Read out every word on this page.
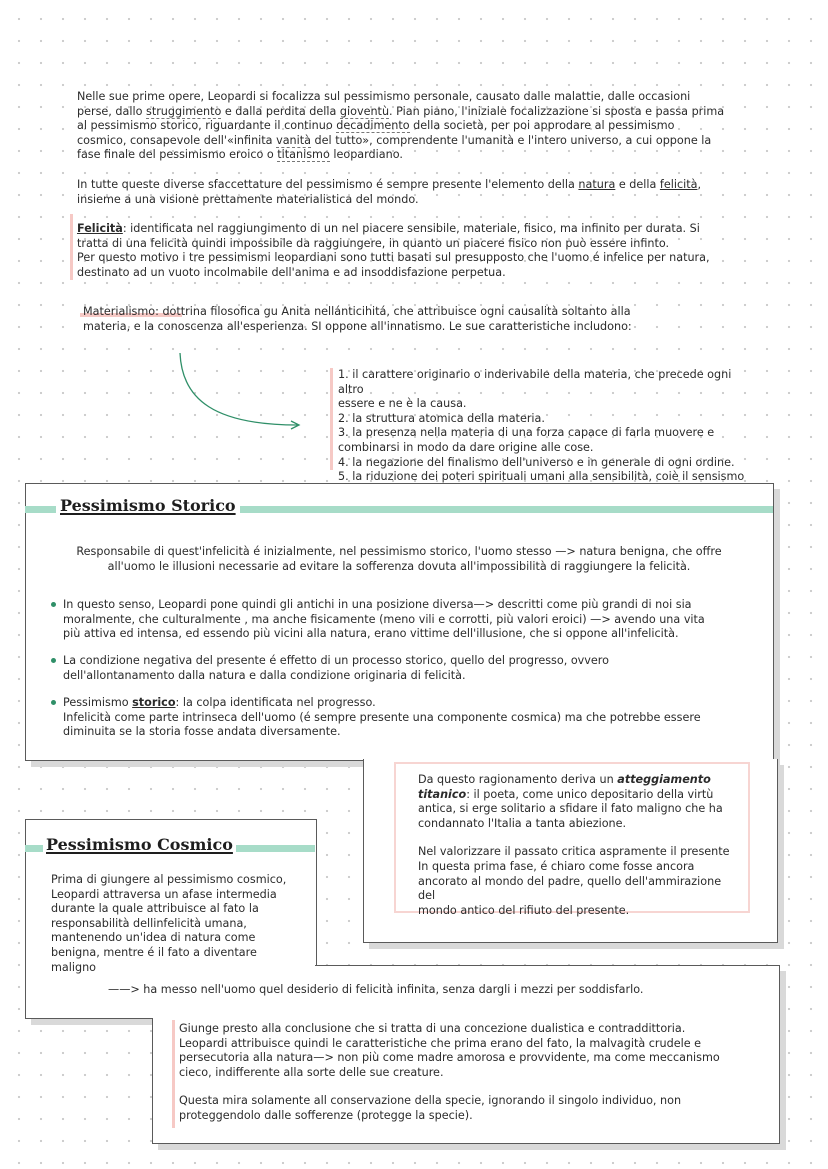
Nelle sue prime opere, Leopardi si focalizza sul pessimismo personale, causato dalle malattie, dalle occasioni
perse, dallo struggimento e dalla perdita della gioventù. Pian piano, l'iniziale focalizzazione si sposta e passa prima
al pessimismo storico, riguardante il continuo decadimento della società, per poi approdare al pessimismo
cosmico, consapevole dell'«infinita vanità del tutto», comprendente l'umanità e l'intero universo, a cui oppone la
fase finale del pessimismo eroico o titanismo leopardiano.
In tutte queste diverse sfaccettature del pessimismo é sempre presente l'elemento della natura e della felicità,
insieme a una visione prettamente materialistica del mondo.
Felicità: identificata nel raggiungimento di un nel piacere sensibile, materiale, fisico, ma infinito per durata. Si
tratta di una felicità quindi impossibile da raggiungere, in quanto un piacere fisico non può essere infinto.
Per questo motivo i tre pessimismi leopardiani sono tutti basati sul presupposto che l'uomo é infelice per natura,
destinato ad un vuoto incolmabile dell'anima e ad insoddisfazione perpetua.
Materialismo: dottrina filosofica gu Anita nellánticihitá, che attribuisce ogni causalità soltanto alla
materia, e la conoscenza all'esperienza. SI oppone all'innatismo. Le sue caratteristiche includono:

1. il carattere originario o inderivabile della materia, che precede ogni altro

essere e ne è la causa.

2. la struttura atomica della materia.

3. la presenza nella materia di una forza capace di farla muovere e

combinarsi in modo da dare origine alle cose.

4. la negazione del finalismo dell'universo e in generale di ogni ordine.

5. la riduzione dei poteri spirituali umani alla sensibilità, coiè il sensismo

Pessimismo Storico
Responsabile di quest'infelicità é inizialmente, nel pessimismo storico, l'uomo stesso —> natura benigna, che offre
all'uomo le illusioni necessarie ad evitare la sofferenza dovuta all'impossibilità di raggiungere la felicità.
In questo senso, Leopardi pone quindi gli antichi in una posizione diversa—> descritti come più grandi di noi sia
moralmente, che culturalmente , ma anche fisicamente (meno vili e corrotti, più valori eroici) —> avendo una vita
più attiva ed intensa, ed essendo più vicini alla natura, erano vittime dell'illusione, che si oppone all'infelicità.
La condizione negativa del presente é effetto di un processo storico, quello del progresso, ovvero
dell'allontanamento dalla natura e dalla condizione originaria di felicità.
Pessimismo storico: la colpa identificata nel progresso.
Infelicità come parte intrinseca dell'uomo (é sempre presente una componente cosmica) ma che potrebbe essere
diminuita se la storia fosse andata diversamente.
Da questo ragionamento deriva un atteggiamento
titanico: il poeta, come unico depositario della virtù
antica, si erge solitario a sfidare il fato maligno che ha
condannato l'Italia a tanta abiezione.
Nel valorizzare il passato critica aspramente il presente
In questa prima fase, é chiaro come fosse ancora
ancorato al mondo del padre, quello dell'ammirazione del
mondo antico del rifiuto del presente.
Pessimismo Cosmico
Prima di giungere al pessimismo cosmico,
Leopardi attraversa un afase intermedia
durante la quale attribuisce al fato la
responsabilità dellinfelicità umana,
mantenendo un'idea di natura come
benigna, mentre é il fato a diventare
maligno
——> ha messo nell'uomo quel desiderio di felicità infinita, senza dargli i mezzi per soddisfarlo.
Giunge presto alla conclusione che si tratta di una concezione dualistica e contraddittoria.
Leopardi attribuisce quindi le caratteristiche che prima erano del fato, la malvagità crudele e
persecutoria alla natura—> non più come madre amorosa e provvidente, ma come meccanismo
cieco, indifferente alla sorte delle sue creature.
Questa mira solamente all conservazione della specie, ignorando il singolo individuo, non
proteggendolo dalle sofferenze (protegge la specie).
